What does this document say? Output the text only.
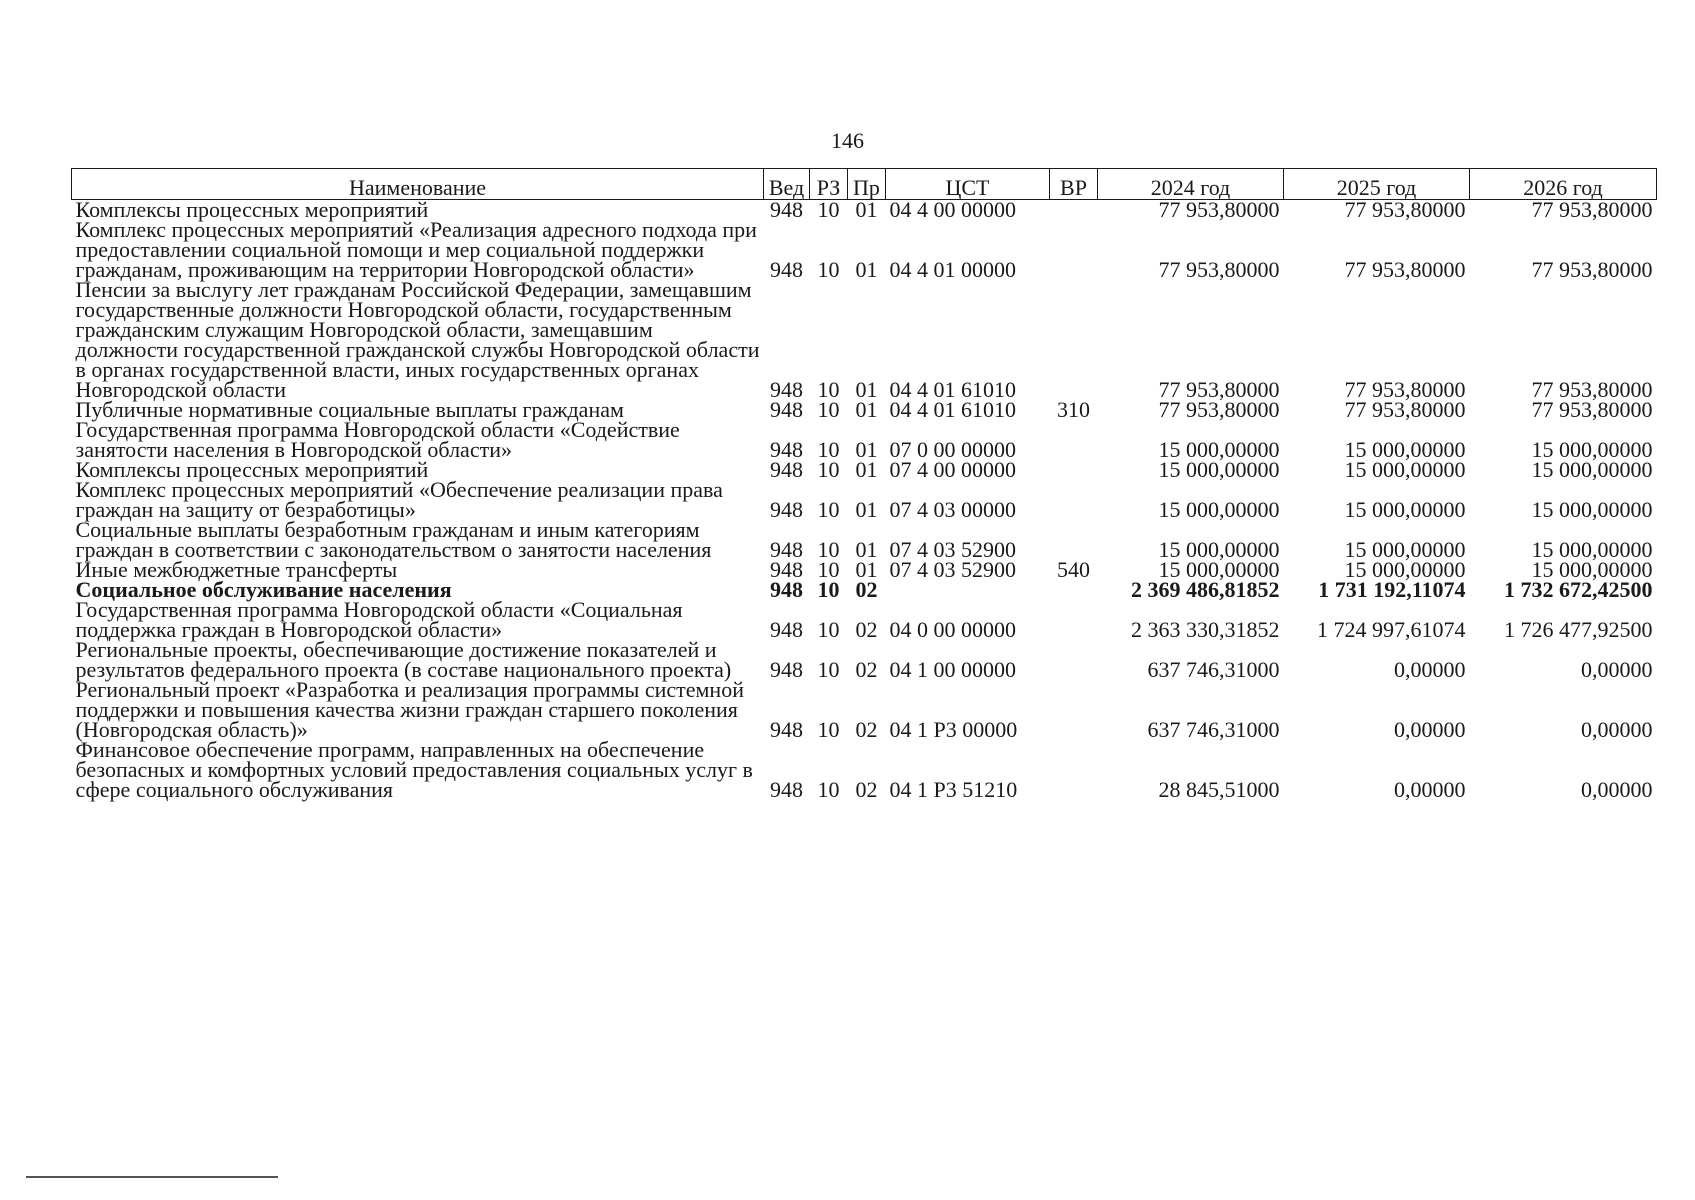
146
Наименование	Вед	РЗ	Пр	ЦСТ	ВР	2024 год	2025 год	2026 год
Комплексы процессных мероприятий	948	10	01	04 4 00 00000		77 953,80000	77 953,80000	77 953,80000
Комплекс процессных мероприятий «Реализация адресного подхода при предоставлении социальной помощи и мер социальной поддержки гражданам, проживающим на территории Новгородской области»	948	10	01	04 4 01 00000		77 953,80000	77 953,80000	77 953,80000
Пенсии за выслугу лет гражданам Российской Федерации, замещавшим государственные должности Новгородской области, государственным гражданским служащим Новгородской области, замещавшим должности государственной гражданской службы Новгородской области в органах государственной власти, иных государственных органах Новгородской области	948	10	01	04 4 01 61010		77 953,80000	77 953,80000	77 953,80000
Публичные нормативные социальные выплаты гражданам	948	10	01	04 4 01 61010	310	77 953,80000	77 953,80000	77 953,80000
Государственная программа Новгородской области «Содействие занятости населения в Новгородской области»	948	10	01	07 0 00 00000		15 000,00000	15 000,00000	15 000,00000
Комплексы процессных мероприятий	948	10	01	07 4 00 00000		15 000,00000	15 000,00000	15 000,00000
Комплекс процессных мероприятий «Обеспечение реализации права граждан на защиту от безработицы»	948	10	01	07 4 03 00000		15 000,00000	15 000,00000	15 000,00000
Социальные выплаты безработным гражданам и иным категориям граждан в соответствии с законодательством о занятости населения	948	10	01	07 4 03 52900		15 000,00000	15 000,00000	15 000,00000
Иные межбюджетные трансферты	948	10	01	07 4 03 52900	540	15 000,00000	15 000,00000	15 000,00000
Социальное обслуживание населения	948	10	02			2 369 486,81852	1 731 192,11074	1 732 672,42500
Государственная программа Новгородской области «Социальная поддержка граждан в Новгородской области»	948	10	02	04 0 00 00000		2 363 330,31852	1 724 997,61074	1 726 477,92500
Региональные проекты, обеспечивающие достижение показателей и результатов федерального проекта (в составе национального проекта)	948	10	02	04 1 00 00000		637 746,31000	0,00000	0,00000
Региональный проект «Разработка и реализация программы системной поддержки и повышения качества жизни граждан старшего поколения (Новгородская область)»	948	10	02	04 1 P3 00000		637 746,31000	0,00000	0,00000
Финансовое обеспечение программ, направленных на обеспечение безопасных и комфортных условий предоставления социальных услуг в сфере социального обслуживания	948	10	02	04 1 P3 51210		28 845,51000	0,00000	0,00000
